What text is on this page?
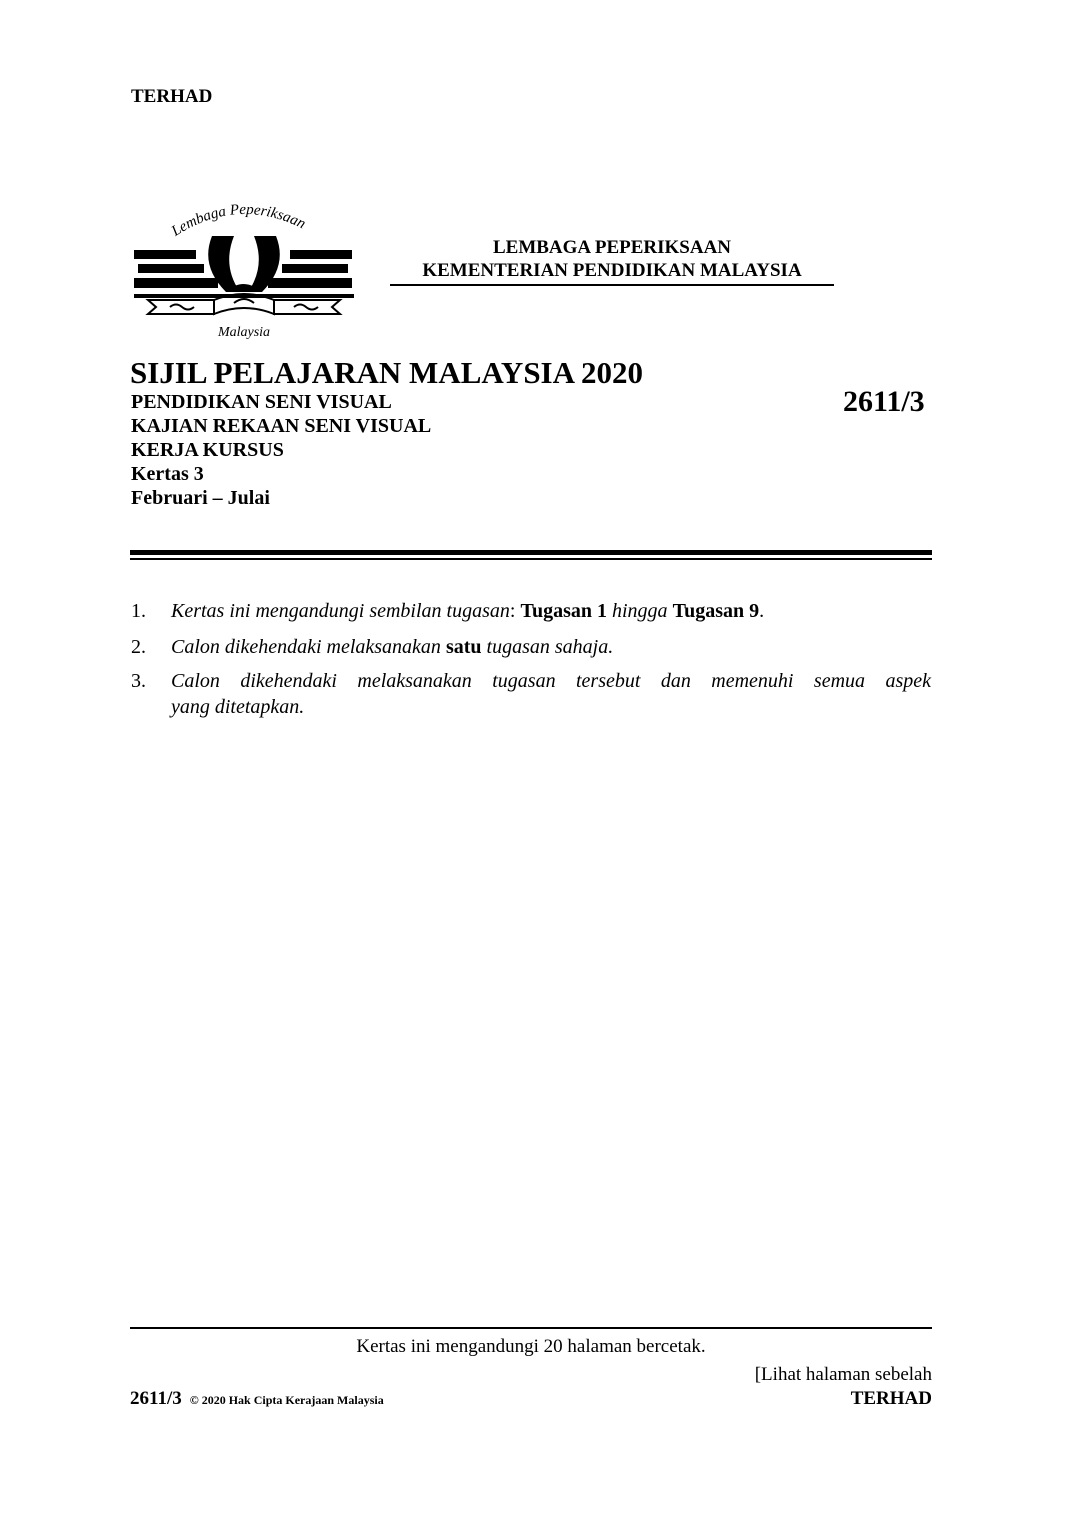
TERHAD
Lembaga Peperiksaan
Malaysia
LEMBAGA PEPERIKSAAN
KEMENTERIAN PENDIDIKAN MALAYSIA
SIJIL PELAJARAN MALAYSIA 2020
2611/3
PENDIDIKAN SENI VISUAL
KAJIAN REKAAN SENI VISUAL
KERJA KURSUS
Kertas 3
Februari – Julai
1.	Kertas ini mengandungi sembilan tugasan: Tugasan 1 hingga Tugasan 9.
2.	Calon dikehendaki melaksanakan satu tugasan sahaja.
3.	Calon dikehendaki melaksanakan tugasan tersebut dan memenuhi semua aspek
yang ditetapkan.
Kertas ini mengandungi 20 halaman bercetak.
[Lihat halaman sebelah
2611/3 © 2020 Hak Cipta Kerajaan Malaysia	TERHAD
